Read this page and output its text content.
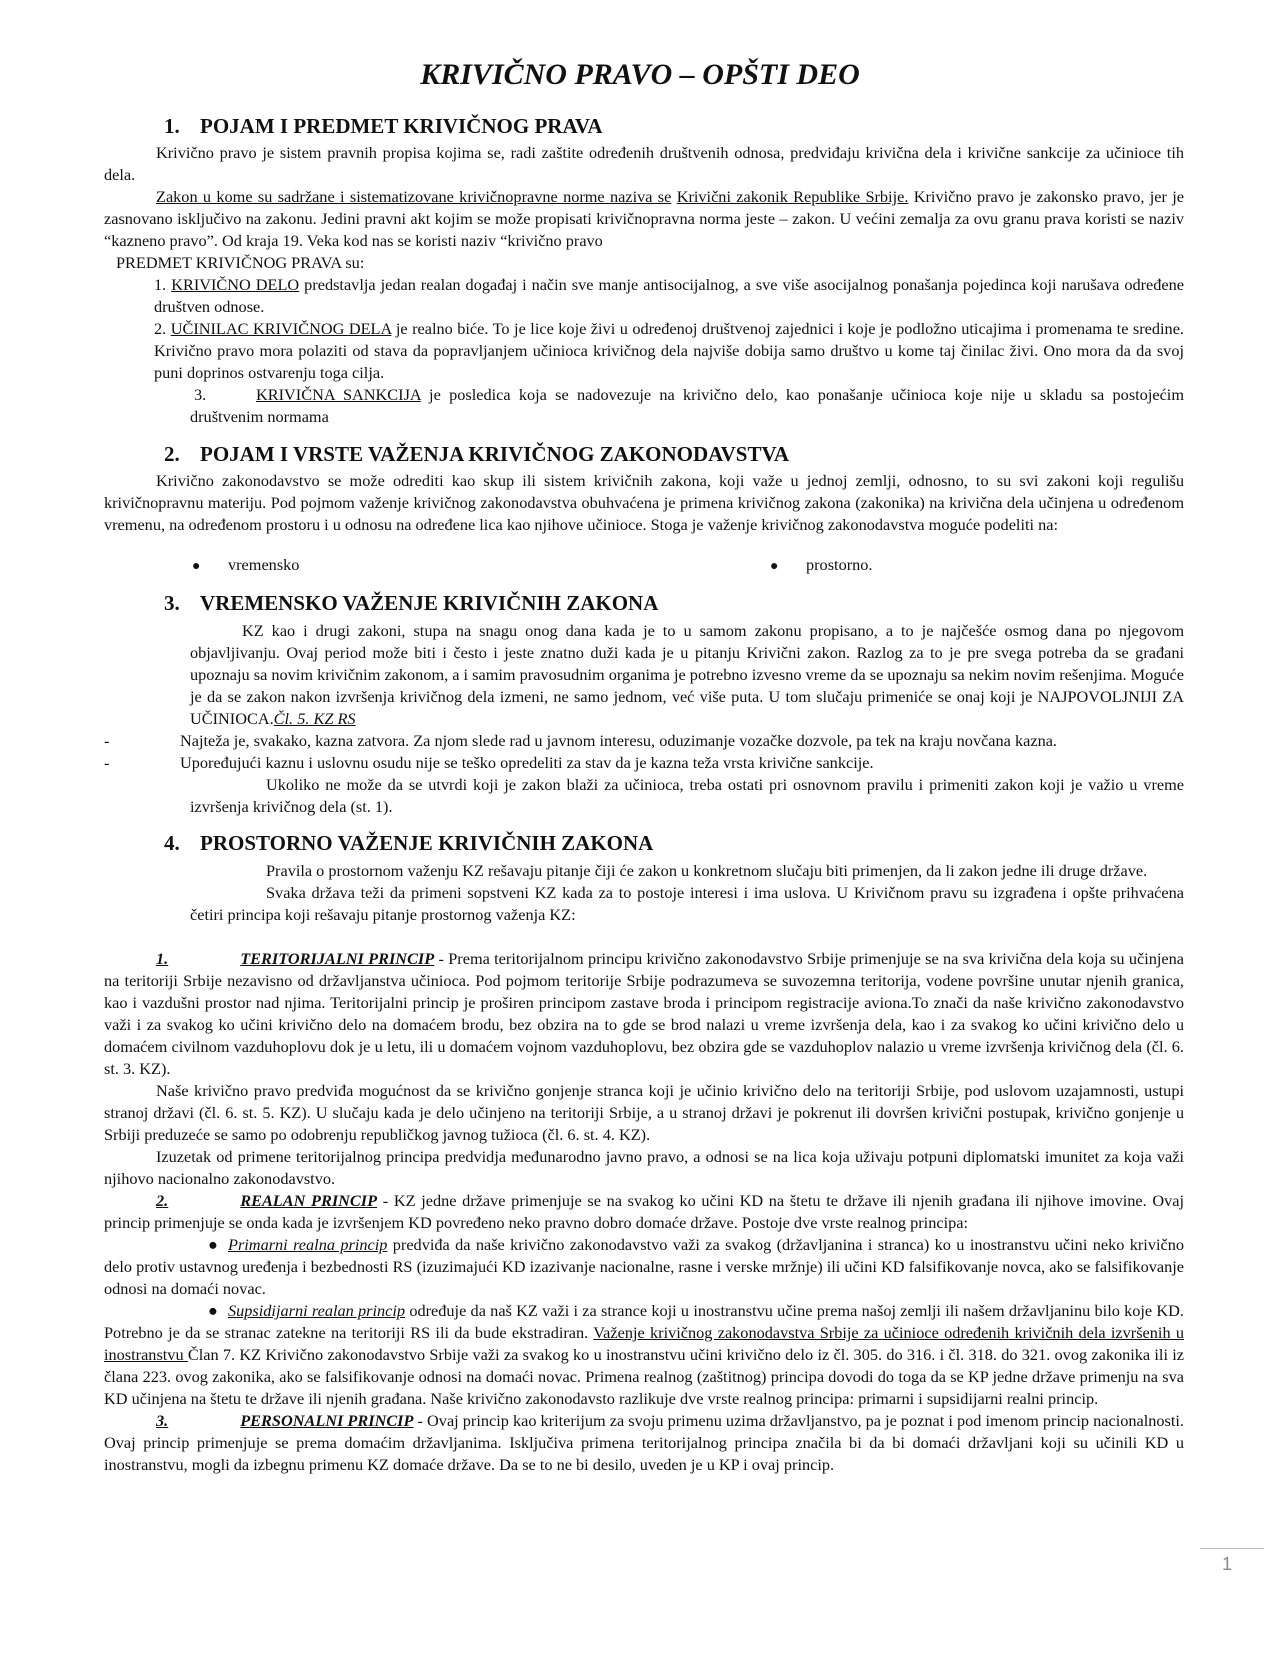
KRIVIČNO PRAVO – OPŠTI DEO
1. POJAM I PREDMET KRIVIČNOG PRAVA

Krivično pravo je sistem pravnih propisa kojima se, radi zaštite određenih društvenih odnosa, predviđaju krivična dela i krivične sankcije za učinioce tih dela.

Zakon u kome su sadržane i sistematizovane krivičnopravne norme naziva se Krivični zakonik Republike Srbije. Krivično pravo je zakonsko pravo, jer je zasnovano isključivo na zakonu. Jedini pravni akt kojim se može propisati krivičnopravna norma jeste – zakon. U većini zemalja za ovu granu prava koristi se naziv “kazneno pravo”. Od kraja 19. Veka kod nas se koristi naziv “krivično pravo

PREDMET KRIVIČNOG PRAVA su:

1. KRIVIČNO DELO predstavlja jedan realan događaj i način sve manje antisocijalnog, a sve više asocijalnog ponašanja pojedinca koji narušava određene društven odnose.

2. UČINILAC KRIVIČNOG DELA je realno biće. To je lice koje živi u određenoj društvenoj zajednici i koje je podložno uticajima i promenama te sredine. Krivično pravo mora polaziti od stava da popravljanjem učinioca krivičnog dela najviše dobija samo društvo u kome taj činilac živi. Ono mora da da svoj puni doprinos ostvarenju toga cilja.

3.	KRIVIČNA SANKCIJA je posledica koja se nadovezuje na krivično delo, kao ponašanje učinioca koje nije u skladu sa postojećim društvenim normama

2. POJAM I VRSTE VAŽENJA KRIVIČNOG ZAKONODAVSTVA

Krivično zakonodavstvo se može odrediti kao skup ili sistem krivičnih zakona, koji važe u jednoj zemlji, odnosno, to su svi zakoni koji regulišu krivičnopravnu materiju. Pod pojmom važenje krivičnog zakonodavstva obuhvaćena je primena krivičnog zakona (zakonika) na krivična dela učinjena u određenom vremenu, na određenom prostoru i u odnosu na određene lica kao njihove učinioce. Stoga je važenje krivičnog zakonodavstva moguće podeliti na:

● vremensko	● prostorno.
3. VREMENSKO VAŽENJE KRIVIČNIH ZAKONA

KZ kao i drugi zakoni, stupa na snagu onog dana kada je to u samom zakonu propisano, a to je najčešće osmog dana po njegovom objavljivanju. Ovaj period može biti i često i jeste znatno duži kada je u pitanju Krivični zakon. Razlog za to je pre svega potreba da se građani upoznaju sa novim krivičnim zakonom, a i samim pravosudnim organima je potrebno izvesno vreme da se upoznaju sa nekim novim rešenjima. Moguće je da se zakon nakon izvršenja krivičnog dela izmeni, ne samo jednom, već više puta. U tom slučaju primeniće se onaj koji je NAJPOVOLJNIJI ZA UČINIOCA.Čl. 5. KZ RS

-	Najteža je, svakako, kazna zatvora. Za njom slede rad u javnom interesu, oduzimanje vozačke dozvole, pa tek na kraju novčana kazna.
-	Upoređujući kaznu i uslovnu osudu nije se teško opredeliti za stav da je kazna teža vrsta krivične sankcije.

Ukoliko ne može da se utvrdi koji je zakon blaži za učinioca, treba ostati pri osnovnom pravilu i primeniti zakon koji je važio u vreme izvršenja krivičnog dela (st. 1).

4. PROSTORNO VAŽENJE KRIVIČNIH ZAKONA

Pravila o prostornom važenju KZ rešavaju pitanje čiji će zakon u konkretnom slučaju biti primenjen, da li zakon jedne ili druge države.

Svaka država teži da primeni sopstveni KZ kada za to postoje interesi i ima uslova. U Krivičnom pravu su izgrađena i opšte prihvaćena četiri principa koji rešavaju pitanje prostornog važenja KZ:

1.	TERITORIJALNI PRINCIP - Prema teritorijalnom principu krivično zakonodavstvo Srbije primenjuje se na sva krivična dela koja su učinjena na teritoriji Srbije nezavisno od državljanstva učinioca. Pod pojmom teritorije Srbije podrazumeva se suvozemna teritorija, vodene površine unutar njenih granica, kao i vazdušni prostor nad njima. Teritorijalni princip je proširen principom zastave broda i principom registracije aviona.To znači da naše krivično zakonodavstvo važi i za svakog ko učini krivično delo na domaćem brodu, bez obzira na to gde se brod nalazi u vreme izvršenja dela, kao i za svakog ko učini krivično delo u domaćem civilnom vazduhoplovu dok je u letu, ili u domaćem vojnom vazduhoplovu, bez obzira gde se vazduhoplov nalazio u vreme izvršenja krivičnog dela (čl. 6. st. 3. KZ).

Naše krivično pravo predviđa mogućnost da se krivično gonjenje stranca koji je učinio krivično delo na teritoriji Srbije, pod uslovom uzajamnosti, ustupi stranoj državi (čl. 6. st. 5. KZ). U slučaju kada je delo učinjeno na teritoriji Srbije, a u stranoj državi je pokrenut ili dovršen krivični postupak, krivično gonjenje u Srbiji preduzeće se samo po odobrenju republičkog javnog tužioca (čl. 6. st. 4. KZ).

Izuzetak od primene teritorijalnog principa predvidja međunarodno javno pravo, a odnosi se na lica koja uživaju potpuni diplomatski imunitet za koja važi njihovo nacionalno zakonodavstvo.

2.	REALAN PRINCIP - KZ jedne države primenjuje se na svakog ko učini KD na štetu te države ili njenih građana ili njihove imovine. Ovaj princip primenjuje se onda kada je izvršenjem KD povređeno neko pravno dobro domaće države. Postoje dve vrste realnog principa:

● Primarni realna princip predviđa da naše krivično zakonodavstvo važi za svakog (državljanina i stranca) ko u inostranstvu učini neko krivično delo protiv ustavnog uređenja i bezbednosti RS (izuzimajući KD izazivanje nacionalne, rasne i verske mržnje) ili učini KD falsifikovanje novca, ako se falsifikovanje odnosi na domaći novac.

● Supsidijarni realan princip određuje da naš KZ važi i za strance koji u inostranstvu učine prema našoj zemlji ili našem državljaninu bilo koje KD. Potrebno je da se stranac zatekne na teritoriji RS ili da bude ekstradiran. Važenje krivičnog zakonodavstva Srbije za učinioce određenih krivičnih dela izvršenih u inostranstvu Član 7. KZ Krivično zakonodavstvo Srbije važi za svakog ko u inostranstvu učini krivično delo iz čl. 305. do 316. i čl. 318. do 321. ovog zakonika ili iz člana 223. ovog zakonika, ako se falsifikovanje odnosi na domaći novac. Primena realnog (zaštitnog) principa dovodi do toga da se KP jedne države primenju na sva KD učinjena na štetu te države ili njenih građana. Naše krivično zakonodavsto razlikuje dve vrste realnog principa: primarni i supsidijarni realni princip.

3.	PERSONALNI PRINCIP - Ovaj princip kao kriterijum za svoju primenu uzima državljanstvo, pa je poznat i pod imenom princip nacionalnosti. Ovaj princip primenjuje se prema domaćim državljanima. Isključiva primena teritorijalnog principa značila bi da bi domaći državljani koji su učinili KD u inostranstvu, mogli da izbegnu primenu KZ domaće države. Da se to ne bi desilo, uveden je u KP i ovaj princip.

1
